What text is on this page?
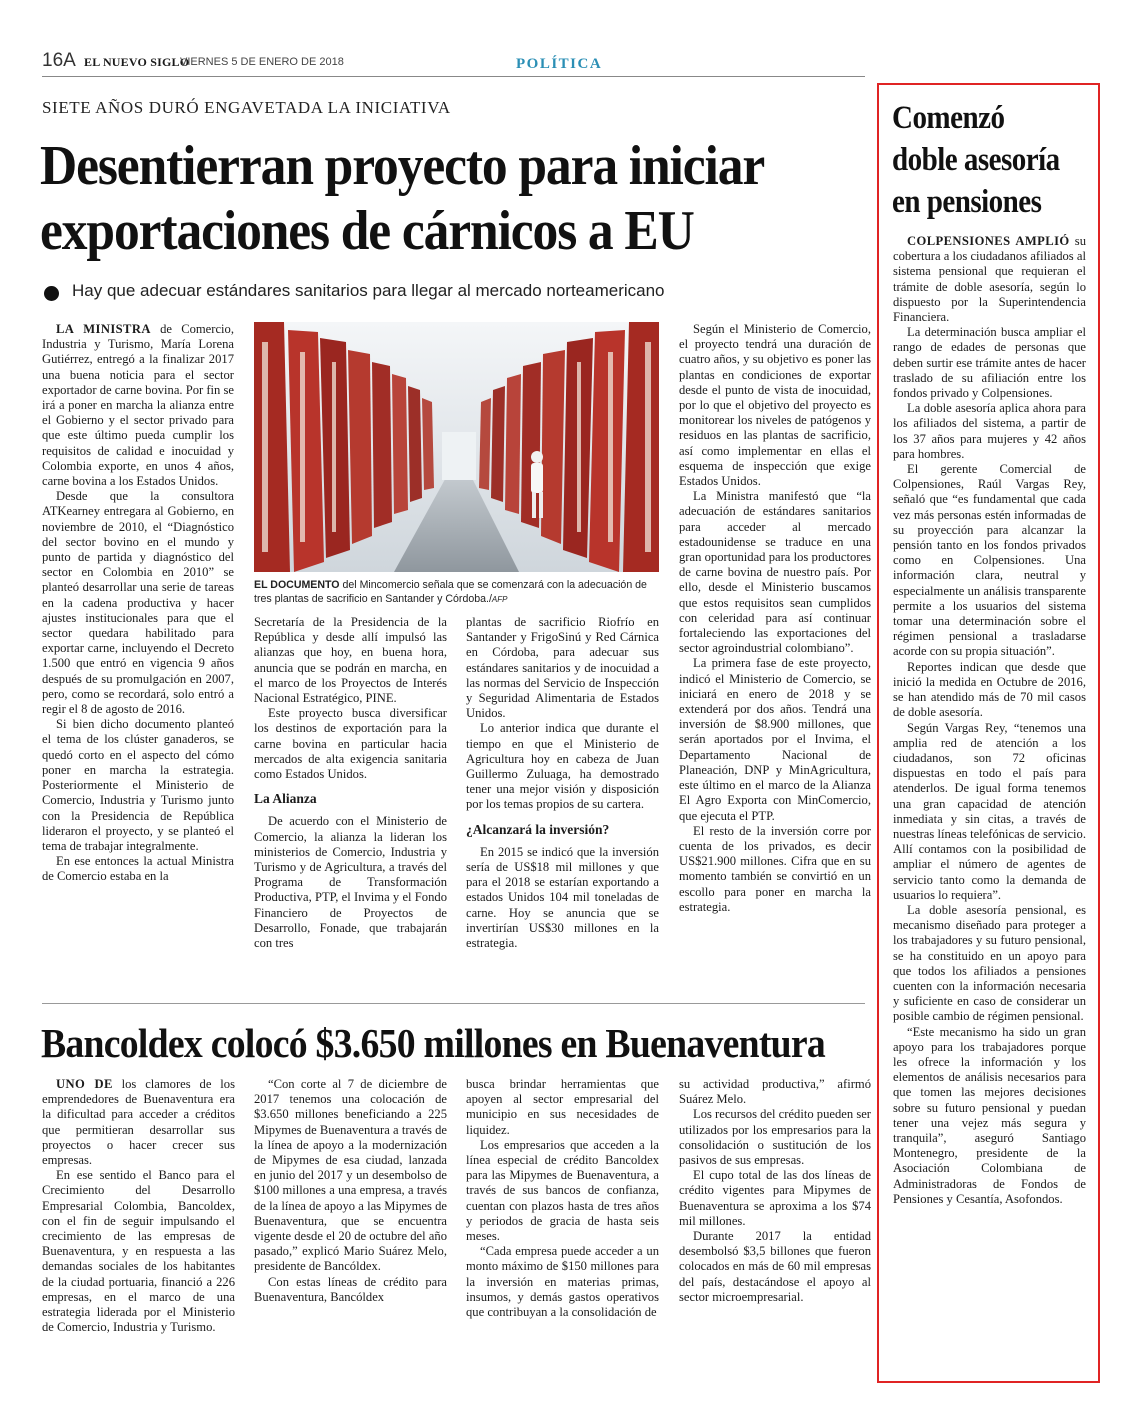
16A EL NUEVO SIGLO
VIERNES 5 DE ENERO DE 2018	POLÍTICA
SIETE AÑOS DURÓ ENGAVETADA LA INICIATIVA
Desentierran proyecto para iniciar exportaciones de cárnicos a EU
Hay que adecuar estándares sanitarios para llegar al mercado norteamericano

LA MINISTRA de Comercio, Industria y Turismo, María Lorena Gutiérrez, entregó a la finalizar 2017 una buena noticia para el sector exportador de carne bovina. Por fin se irá a poner en marcha la alianza entre el Gobierno y el sector privado para que este último pueda cumplir los requisitos de calidad e inocuidad y Colombia exporte, en unos 4 años, carne bovina a los Estados Unidos.

Desde que la consultora ATKearney entregara al Gobierno, en noviembre de 2010, el “Diagnóstico del sector bovino en el mundo y punto de partida y diagnóstico del sector en Colombia en 2010” se planteó desarrollar una serie de tareas en la cadena productiva y hacer ajustes institucionales para que el sector quedara habilitado para exportar carne, incluyendo el Decreto 1.500 que entró en vigencia 9 años después de su promulgación en 2007, pero, como se recordará, solo entró a regir el 8 de agosto de 2016.

Si bien dicho documento planteó el tema de los clúster ganaderos, se quedó corto en el aspecto del cómo poner en marcha la estrategia. Posteriormente el Ministerio de Comercio, Industria y Turismo junto con la Presidencia de República lideraron el proyecto, y se planteó el tema de trabajar integralmente.

En ese entonces la actual Ministra de Comercio estaba en la

EL DOCUMENTO del Mincomercio señala que se comenzará con la adecuación de tres plantas de sacrificio en Santander y Córdoba./AFP

Secretaría de la Presidencia de la República y desde allí impulsó las alianzas que hoy, en buena hora, anuncia que se podrán en marcha, en el marco de los Proyectos de Interés Nacional Estratégico, PINE.

Este proyecto busca diversificar los destinos de exportación para la carne bovina en particular hacia mercados de alta exigencia sanitaria como Estados Unidos.

La Alianza

De acuerdo con el Ministerio de Comercio, la alianza la lideran los ministerios de Comercio, Industria y Turismo y de Agricultura, a través del Programa de Transformación Productiva, PTP, el Invima y el Fondo Financiero de Proyectos de Desarrollo, Fonade, que trabajarán con tres

plantas de sacrificio Riofrío en Santander y FrigoSinú y Red Cárnica en Córdoba, para adecuar sus estándares sanitarios y de inocuidad a las normas del Servicio de Inspección y Seguridad Alimentaria de Estados Unidos.

Lo anterior indica que durante el tiempo en que el Ministerio de Agricultura hoy en cabeza de Juan Guillermo Zuluaga, ha demostrado tener una mejor visión y disposición por los temas propios de su cartera.

¿Alcanzará la inversión?

En 2015 se indicó que la inversión sería de US$18 mil millones y que para el 2018 se estarían exportando a estados Unidos 104 mil toneladas de carne. Hoy se anuncia que se invertirían US$30 millones en la estrategia.

Según el Ministerio de Comercio, el proyecto tendrá una duración de cuatro años, y su objetivo es poner las plantas en condiciones de exportar desde el punto de vista de inocuidad, por lo que el objetivo del proyecto es monitorear los niveles de patógenos y residuos en las plantas de sacrificio, así como implementar en ellas el esquema de inspección que exige Estados Unidos.

La Ministra manifestó que “la adecuación de estándares sanitarios para acceder al mercado estadounidense se traduce en una gran oportunidad para los productores de carne bovina de nuestro país. Por ello, desde el Ministerio buscamos que estos requisitos sean cumplidos con celeridad para así continuar fortaleciendo las exportaciones del sector agroindustrial colombiano”.

La primera fase de este proyecto, indicó el Ministerio de Comercio, se iniciará en enero de 2018 y se extenderá por dos años. Tendrá una inversión de $8.900 millones, que serán aportados por el Invima, el Departamento Nacional de Planeación, DNP y MinAgricultura, este último en el marco de la Alianza El Agro Exporta con MinComercio, que ejecuta el PTP.

El resto de la inversión corre por cuenta de los privados, es decir US$21.900 millones. Cifra que en su momento también se convirtió en un escollo para poner en marcha la estrategia.

Bancoldex colocó $3.650 millones en Buenaventura

UNO DE los clamores de los emprendedores de Buenaventura era la dificultad para acceder a créditos que permitieran desarrollar sus proyectos o hacer crecer sus empresas.

En ese sentido el Banco para el Crecimiento del Desarrollo Empresarial Colombia, Bancoldex, con el fin de seguir impulsando el crecimiento de las empresas de Buenaventura, y en respuesta a las demandas sociales de los habitantes de la ciudad portuaria, financió a 226 empresas, en el marco de una estrategia liderada por el Ministerio de Comercio, Industria y Turismo.

“Con corte al 7 de diciembre de 2017 tenemos una colocación de $3.650 millones beneficiando a 225 Mipymes de Buenaventura a través de la línea de apoyo a la modernización de Mipymes de esa ciudad, lanzada en junio del 2017 y un desembolso de $100 millones a una empresa, a través de la línea de apoyo a las Mipymes de Buenaventura, que se encuentra vigente desde el 20 de octubre del año pasado,” explicó Mario Suárez Melo, presidente de Bancóldex.

Con estas líneas de crédito para Buenaventura, Bancóldex

busca brindar herramientas que apoyen al sector empresarial del municipio en sus necesidades de liquidez.

Los empresarios que acceden a la línea especial de crédito Bancoldex para las Mipymes de Buenaventura, a través de sus bancos de confianza, cuentan con plazos hasta de tres años y periodos de gracia de hasta seis meses.

“Cada empresa puede acceder a un monto máximo de $150 millones para la inversión en materias primas, insumos, y demás gastos operativos que contribuyan a la consolidación de

su actividad productiva,” afirmó Suárez Melo.

Los recursos del crédito pueden ser utilizados por los empresarios para la consolidación o sustitución de los pasivos de sus empresas.

El cupo total de las dos líneas de crédito vigentes para Mipymes de Buenaventura se aproxima a los $74 mil millones.

Durante 2017 la entidad desembolsó $3,5 billones que fueron colocados en más de 60 mil empresas del país, destacándose el apoyo al sector microempresarial.

Comenzó doble asesoría en pensiones

COLPENSIONES AMPLIÓ su cobertura a los ciudadanos afiliados al sistema pensional que requieran el trámite de doble asesoría, según lo dispuesto por la Superintendencia Financiera.

La determinación busca ampliar el rango de edades de personas que deben surtir ese trámite antes de hacer traslado de su afiliación entre los fondos privado y Colpensiones.

La doble asesoría aplica ahora para los afiliados del sistema, a partir de los 37 años para mujeres y 42 años para hombres.

El gerente Comercial de Colpensiones, Raúl Vargas Rey, señaló que “es fundamental que cada vez más personas estén informadas de su proyección para alcanzar la pensión tanto en los fondos privados como en Colpensiones. Una información clara, neutral y especialmente un análisis transparente permite a los usuarios del sistema tomar una determinación sobre el régimen pensional a trasladarse acorde con su propia situación”.

Reportes indican que desde que inició la medida en Octubre de 2016, se han atendido más de 70 mil casos de doble asesoría.

Según Vargas Rey, “tenemos una amplia red de atención a los ciudadanos, son 72 oficinas dispuestas en todo el país para atenderlos. De igual forma tenemos una gran capacidad de atención inmediata y sin citas, a través de nuestras líneas telefónicas de servicio. Allí contamos con la posibilidad de ampliar el número de agentes de servicio tanto como la demanda de usuarios lo requiera”.

La doble asesoría pensional, es mecanismo diseñado para proteger a los trabajadores y su futuro pensional, se ha constituido en un apoyo para que todos los afiliados a pensiones cuenten con la información necesaria y suficiente en caso de considerar un posible cambio de régimen pensional.

“Este mecanismo ha sido un gran apoyo para los trabajadores porque les ofrece la información y los elementos de análisis necesarios para que tomen las mejores decisiones sobre su futuro pensional y puedan tener una vejez más segura y tranquila”, aseguró Santiago Montenegro, presidente de la Asociación Colombiana de Administradoras de Fondos de Pensiones y Cesantía, Asofondos.
